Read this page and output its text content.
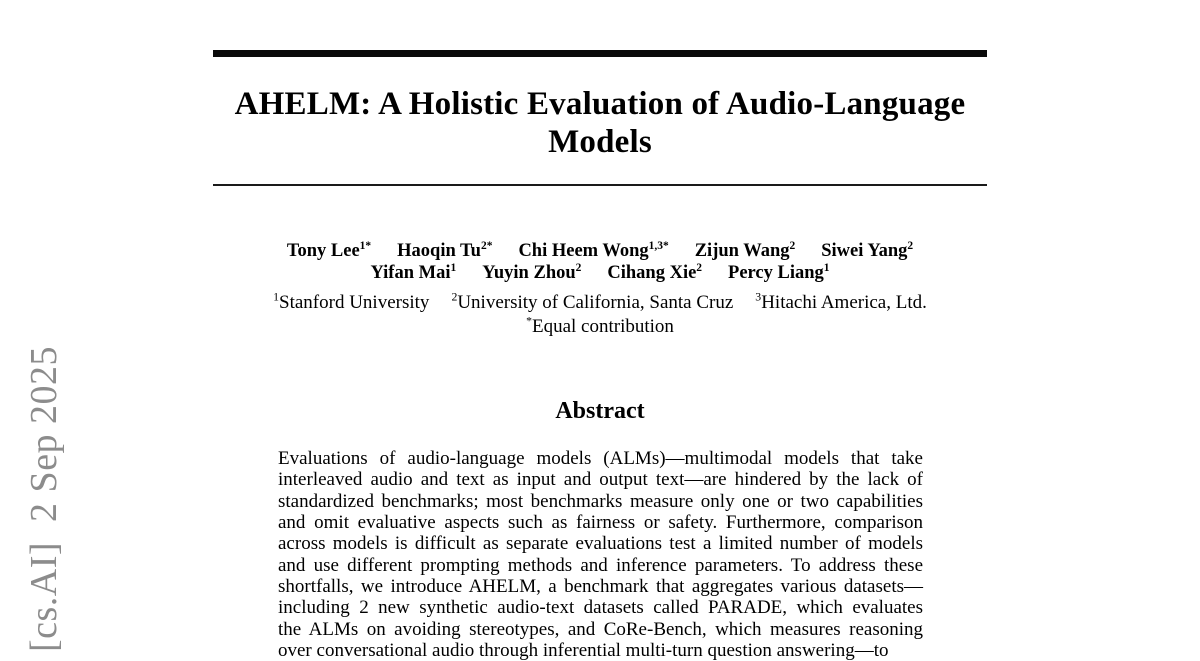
[cs.AI]  2 Sep 2025
AHELM: A Holistic Evaluation of Audio-Language
Models
Tony Lee$^{1*}$ Haoqin $Tu^{2*}$ Chi Heem Wong$^{1,3*}$ Zijun Wang$^2$ Siwei Yang$^2$
Yifan Mai$^1$ Yuyin Zhou$^2$ Cihang Xie$^2$ Percy Liang$^1$
$^1$Stanford University $^2$University of California, Santa Cruz $^3$Hitachi America, Ltd.
*Equal contribution
Abstract
Evaluations of audio-language models (ALMs)—multimodal models that take
interleaved audio and text as input and output text—are hindered by the lack of
standardized benchmarks; most benchmarks measure only one or two capabilities
and omit evaluative aspects such as fairness or safety. Furthermore, comparison
across models is difficult as separate evaluations test a limited number of models
and use different prompting methods and inference parameters. To address these
shortfalls, we introduce AHELM, a benchmark that aggregates various datasets—
including 2 new synthetic audio-text datasets called PARADE, which evaluates
the ALMs on avoiding stereotypes, and CoRe-Bench, which measures reasoning
over conversational audio through inferential multi-turn question answering—to
